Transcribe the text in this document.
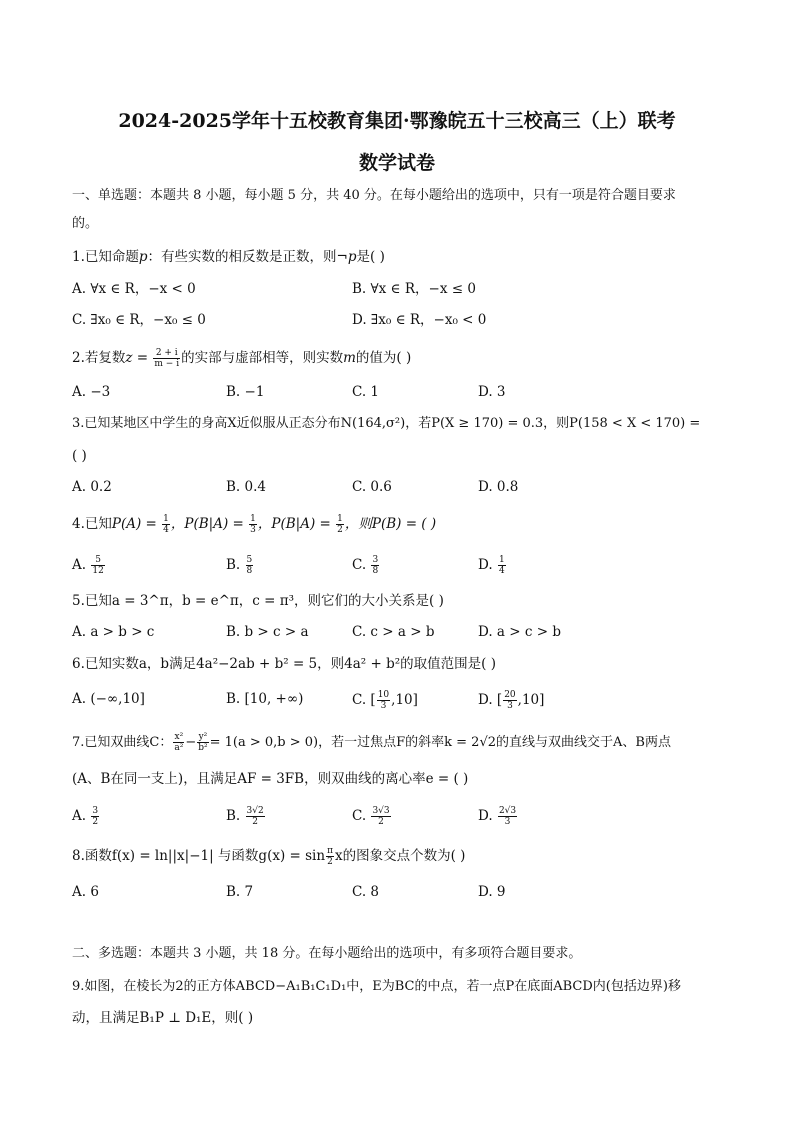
2024-2025学年十五校教育集团·鄂豫皖五十三校高三（上）联考
数学试卷
一、单选题：本题共 8 小题，每小题 5 分，共 40 分。在每小题给出的选项中，只有一项是符合题目要求
的。
1.已知命题p：有些实数的相反数是正数，则¬p是( )
A. ∀x ∈ R，−x < 0	B. ∀x ∈ R，−x ≤ 0
C. ∃x₀ ∈ R，−x₀ ≤ 0	D. ∃x₀ ∈ R，−x₀ < 0
2.若复数$z = \frac{2 + i}{m - i}$ 的实部与虚部相等，则实数m的值为( )
A. −3	B. −1	C. 1	D. 3
3.已知某地区中学生的身高X近似服从正态分布N(164,σ²)，若P(X ≥ 170) = 0.3，则P(158 < X < 170) =
( )
A. 0.2	B. 0.4	C. 0.6	D. 0.8
4.已知$P(A) = \frac{1}{4}$ ，$P(B|A) = \frac{1}{3}$ ，$P(B|A) = \frac{1}{2}$ ，则P(B) = ( )
A. $\frac{5}{12}$	B. $\frac{5}{8}$	C. $\frac{3}{8}$	D. $\frac{1}{4}$
5.已知a = 3^π，b = e^π，c = π³，则它们的大小关系是( )
A. a > b > c	B. b > c > a	C. c > a > b	D. a > c > b
6.已知实数a，b满足4a²−2ab + b² = 5，则4a² + b²的取值范围是( )
A. (−∞,10]	B. [10, +∞)	C. [ $\frac{10}{3} ,10$]	D. [ $\frac{20}{3} ,10$]
7.已知双曲线C： $\frac{\text{x²}}{\text{a²}} - \frac{\text{y²}}{\text{b²}} = 1(a > 0,b > 0)$，若一过焦点F的斜率k = 2√2的直线与双曲线交于A、B两点
(A、B在同一支上)，且满足AF = 3FB，则双曲线的离心率e = ( )
A. $\frac{3}{2}$	B. $\frac{3√2}{2}$	C. $\frac{3√3}{2}$	D. $\frac{2√3}{3}$
8.函数f(x) = ln||x|−1| 与函数$g(x) = \sin \frac{\pi}{2}$ x的图象交点个数为( )
A. 6	B. 7	C. 8	D. 9
二、多选题：本题共 3 小题，共 18 分。在每小题给出的选项中，有多项符合题目要求。
9.如图，在棱长为2的正方体ABCD−A₁B₁C₁D₁中，E为BC的中点，若一点P在底面ABCD内(包括边界)移
动，且满足B₁P ⊥ D₁E，则( )
